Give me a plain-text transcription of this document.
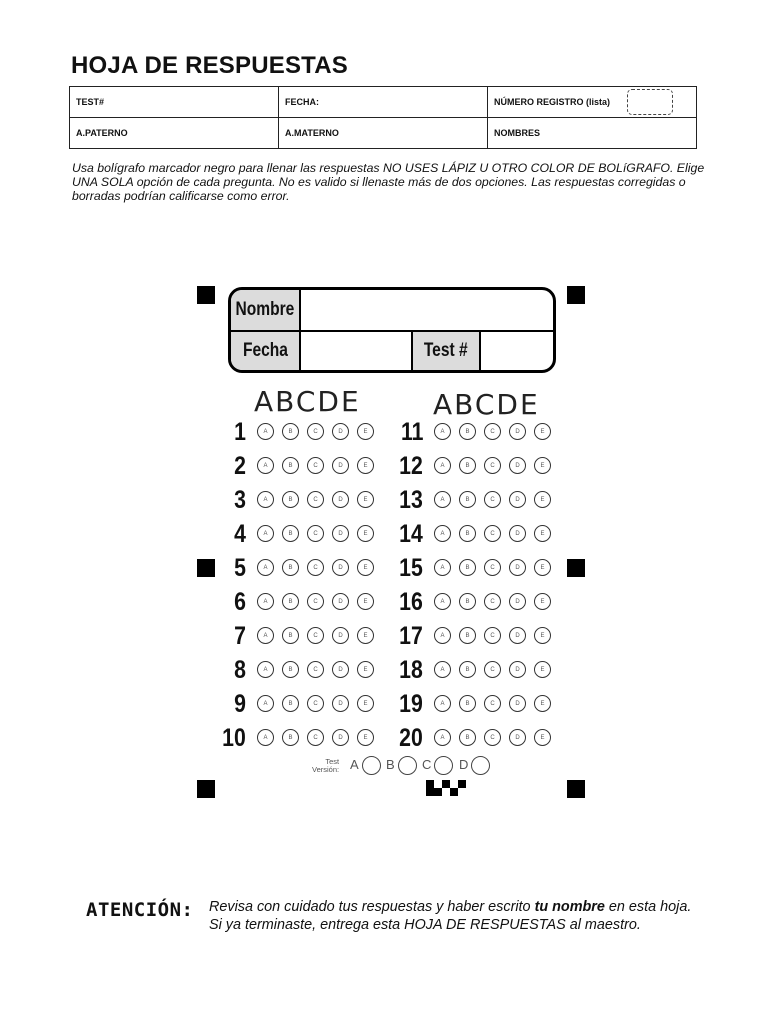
HOJA DE RESPUESTAS
TEST#	FECHA:	NÚMERO REGISTRO (lista)
A.PATERNO	A.MATERNO	NOMBRES
Usa bolígrafo marcador negro para llenar las respuestas NO USES LÁPIZ U OTRO COLOR DE BOLíGRAFO. Elige UNA SOLA opción de cada pregunta. No es valido si llenaste más de dos opciones. Las respuestas corregidas o borradas podrían calificarse como error.
Nombre
Fecha	Test #
ABCDE	ABCDE
1	A	B	C	D	E
2	A	B	C	D	E
3	A	B	C	D	E
4	A	B	C	D	E
5	A	B	C	D	E
6	A	B	C	D	E
7	A	B	C	D	E
8	A	B	C	D	E
9	A	B	C	D	E
10	A	B	C	D	E
11	A	B	C	D	E
12	A	B	C	D	E
13	A	B	C	D	E
14	A	B	C	D	E
15	A	B	C	D	E
16	A	B	C	D	E
17	A	B	C	D	E
18	A	B	C	D	E
19	A	B	C	D	E
20	A	B	C	D	E
Test
Versión: A B C D
ATENCIÓN: Revisa con cuidado tus respuestas y haber escrito tu nombre en esta hoja.
Si ya terminaste, entrega esta HOJA DE RESPUESTAS al maestro.
